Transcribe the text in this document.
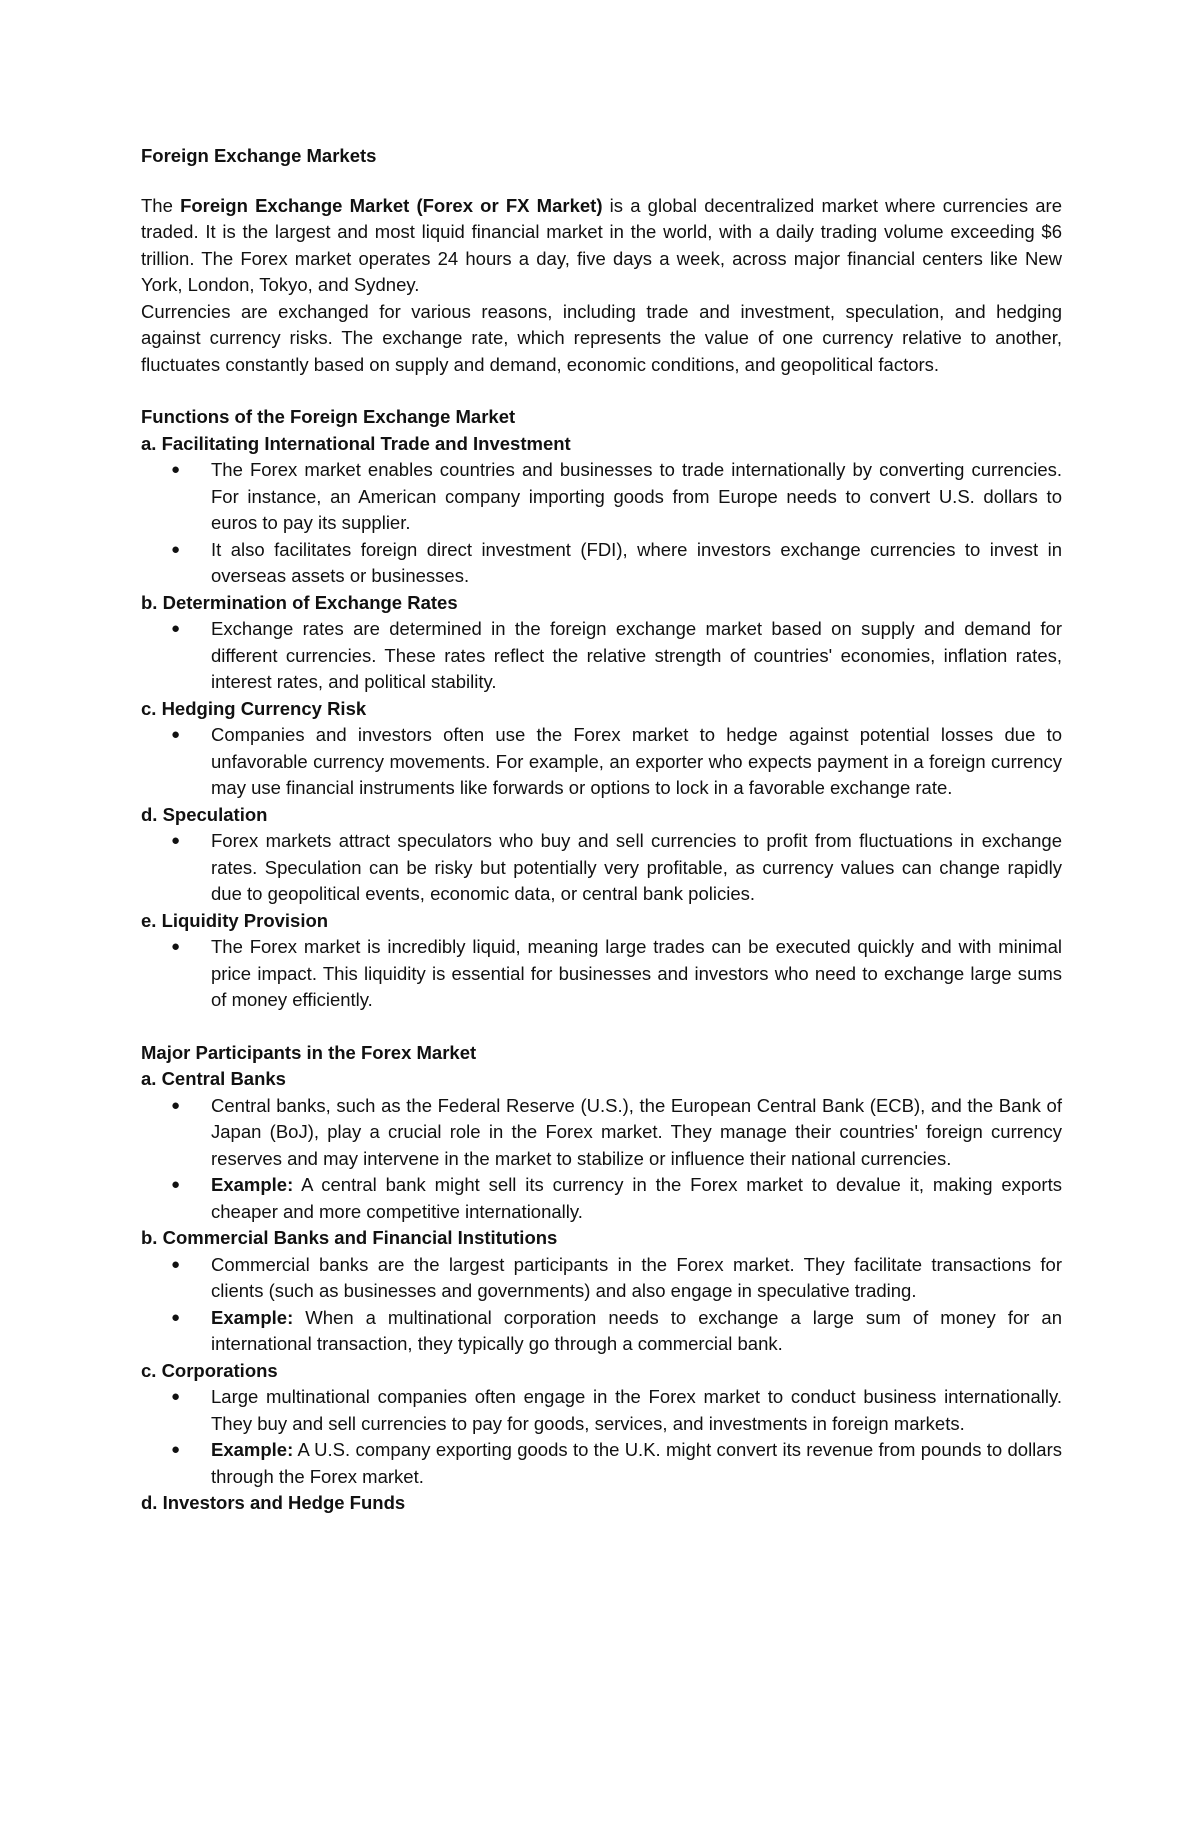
Foreign Exchange Markets

The Foreign Exchange Market (Forex or FX Market) is a global decentralized market where currencies are traded. It is the largest and most liquid financial market in the world, with a daily trading volume exceeding $6 trillion. The Forex market operates 24 hours a day, five days a week, across major financial centers like New York, London, Tokyo, and Sydney.

Currencies are exchanged for various reasons, including trade and investment, speculation, and hedging against currency risks. The exchange rate, which represents the value of one currency relative to another, fluctuates constantly based on supply and demand, economic conditions, and geopolitical factors.

Functions of the Foreign Exchange Market
a. Facilitating International Trade and Investment
● The Forex market enables countries and businesses to trade internationally by converting currencies. For instance, an American company importing goods from Europe needs to convert U.S. dollars to euros to pay its supplier.
● It also facilitates foreign direct investment (FDI), where investors exchange currencies to invest in overseas assets or businesses.
b. Determination of Exchange Rates
● Exchange rates are determined in the foreign exchange market based on supply and demand for different currencies. These rates reflect the relative strength of countries' economies, inflation rates, interest rates, and political stability.
c. Hedging Currency Risk
● Companies and investors often use the Forex market to hedge against potential losses due to unfavorable currency movements. For example, an exporter who expects payment in a foreign currency may use financial instruments like forwards or options to lock in a favorable exchange rate.
d. Speculation
● Forex markets attract speculators who buy and sell currencies to profit from fluctuations in exchange rates. Speculation can be risky but potentially very profitable, as currency values can change rapidly due to geopolitical events, economic data, or central bank policies.
e. Liquidity Provision
● The Forex market is incredibly liquid, meaning large trades can be executed quickly and with minimal price impact. This liquidity is essential for businesses and investors who need to exchange large sums of money efficiently.
Major Participants in the Forex Market
a. Central Banks
● Central banks, such as the Federal Reserve (U.S.), the European Central Bank (ECB), and the Bank of Japan (BoJ), play a crucial role in the Forex market. They manage their countries' foreign currency reserves and may intervene in the market to stabilize or influence their national currencies.
● Example: A central bank might sell its currency in the Forex market to devalue it, making exports cheaper and more competitive internationally.
b. Commercial Banks and Financial Institutions
● Commercial banks are the largest participants in the Forex market. They facilitate transactions for clients (such as businesses and governments) and also engage in speculative trading.
● Example: When a multinational corporation needs to exchange a large sum of money for an international transaction, they typically go through a commercial bank.
c. Corporations
● Large multinational companies often engage in the Forex market to conduct business internationally. They buy and sell currencies to pay for goods, services, and investments in foreign markets.
● Example: A U.S. company exporting goods to the U.K. might convert its revenue from pounds to dollars through the Forex market.
d. Investors and Hedge Funds
